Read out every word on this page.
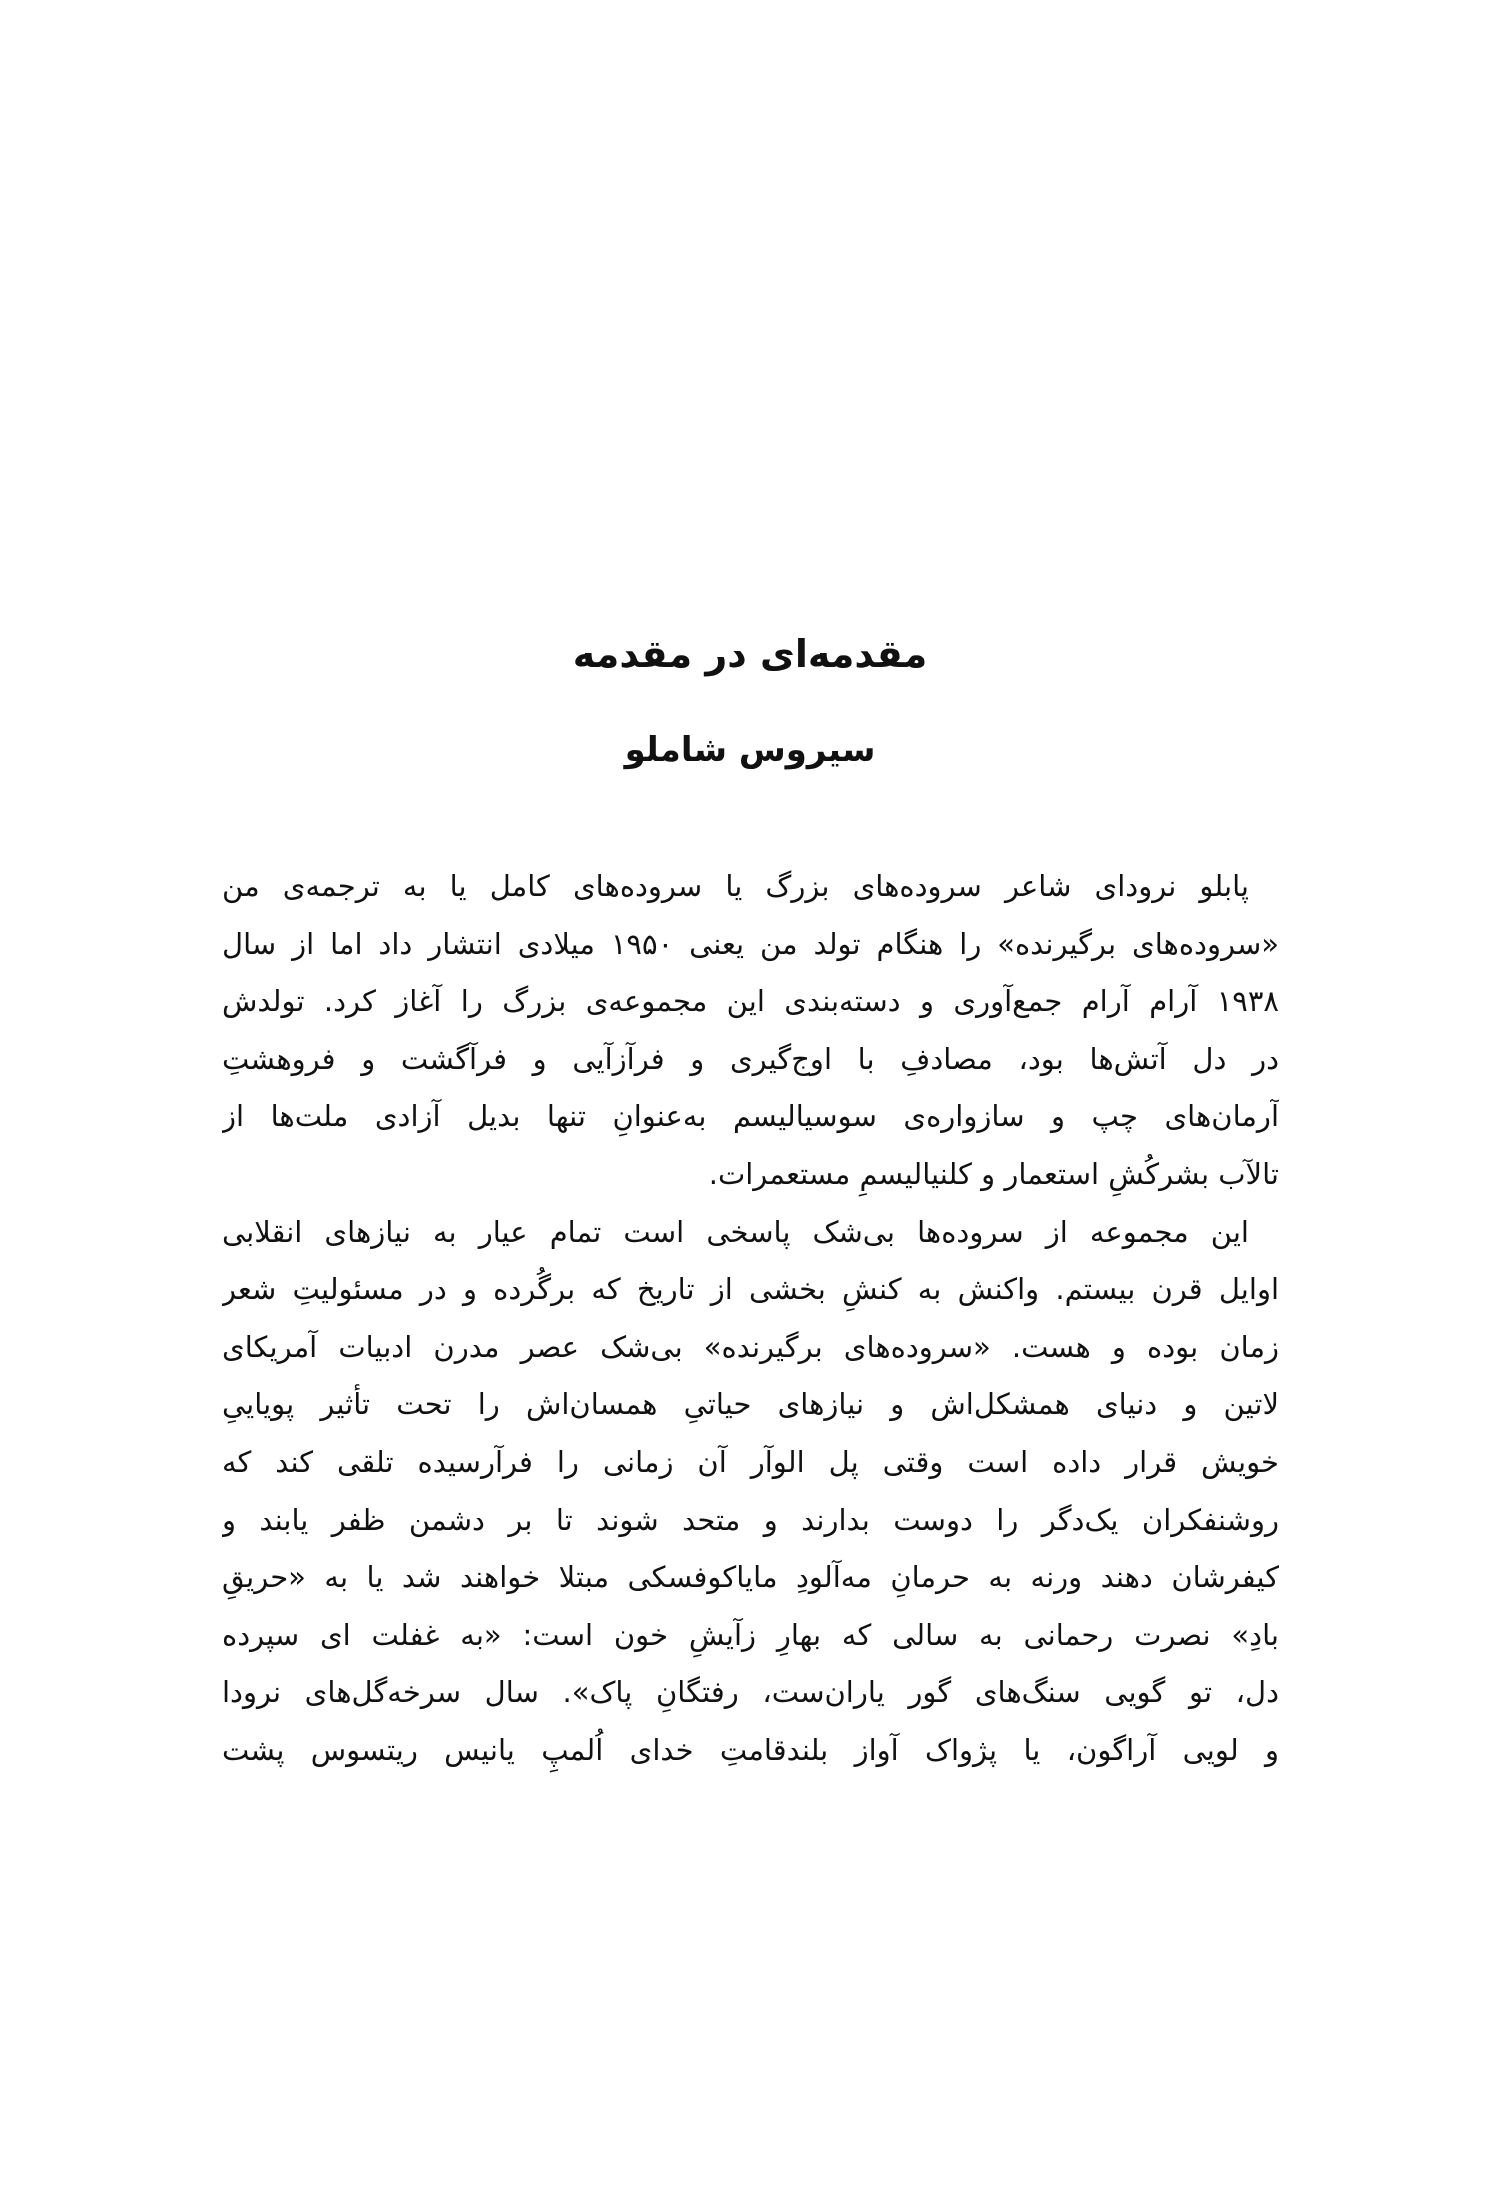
مقدمه‌ای در مقدمه
سیروس شاملو
پابلو نرودای شاعر سروده‌های بزرگ یا سروده‌های کامل یا به ترجمه‌ی من
«سروده‌های برگیرنده» را هنگام تولد من یعنی ۱۹۵۰ میلادی انتشار داد اما از سال
۱۹۳۸ آرام آرام جمع‌آوری و دسته‌بندی این مجموعه‌ی بزرگ را آغاز کرد. تولدش
در دل آتش‌ها بود، مصادفِ با اوج‌گیری و فرآزآیی و فرآگشت و فروهشتِ
آرمان‌های چپ و سازواره‌ی سوسیالیسم به‌عنوانِ تنها بدیل آزادی ملت‌ها از
تالآب بشرکُشِ استعمار و کلنیالیسمِ مستعمرات.
این مجموعه از سروده‌ها بی‌شک پاسخی است تمام عیار به نیازهای انقلابی
اوایل قرن بیستم. واکنش به کنشِ بخشی از تاریخ که برگُرده و در مسئولیتِ شعر
زمان بوده و هست. «سروده‌های برگیرنده» بی‌شک عصر مدرن ادبیات آمریکای
لاتین و دنیای همشکل‌اش و نیازهای حیاتیِ همسان‌اش را تحت تأثیر پویاییِ
خویش قرار داده است وقتی پل الوآر آن زمانی را فرآرسیده تلقی کند که
روشنفکران یک‌دگر را دوست بدارند و متحد شوند تا بر دشمن ظفر یابند و
کیفرشان دهند ورنه به حرمانِ مه‌آلودِ مایاکوفسکی مبتلا خواهند شد یا به «حریقِ
بادِ» نصرت رحمانی به سالی که بهارِ زآیشِ خون است: «به غفلت ای سپرده
دل، تو گویی سنگ‌های گور یاران‌ست، رفتگانِ پاک». سال سرخه‌گل‌های نرودا
و لویی آراگون، یا پژواک آواز بلندقامتِ خدای اُلمپِ یانیس ریتسوس پشت
